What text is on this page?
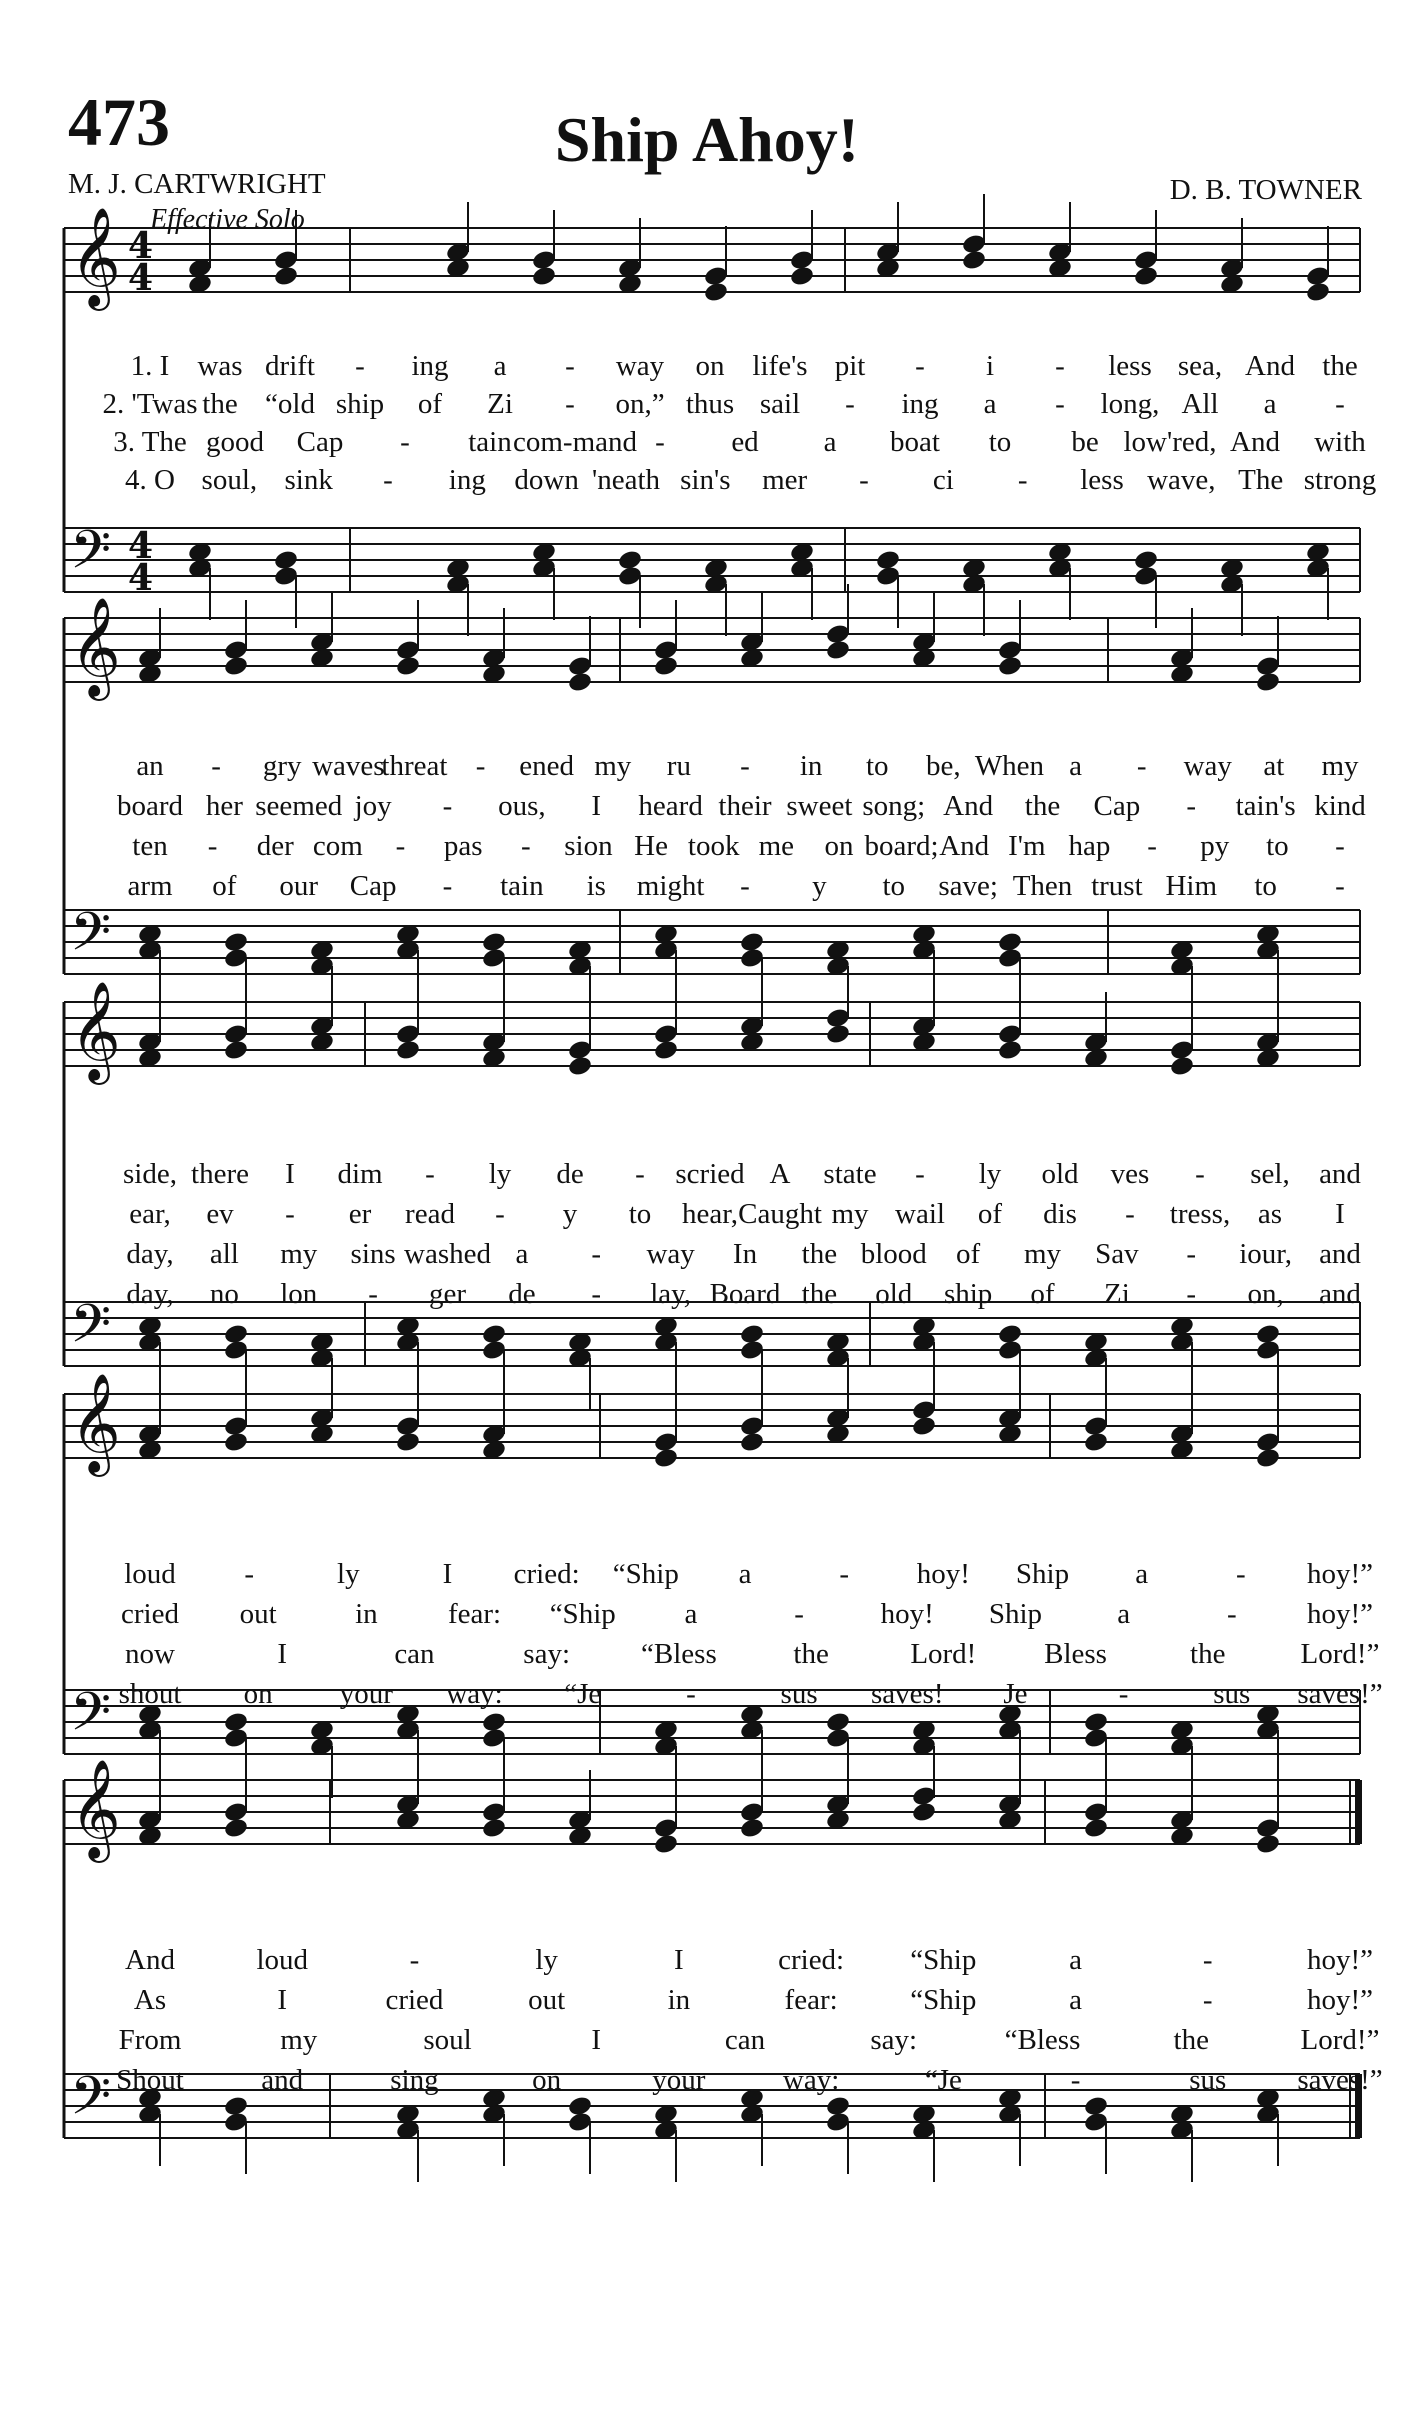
473	Ship Ahoy!
M. J. CARTWRIGHT	D. B. TOWNER
Effective Solo
𝄞
𝄢
4
4
4
4
𝄞
𝄢
𝄞
𝄢
𝄞
𝄢
𝄞
𝄢
1. I was drift - ing a - way on life's pit - i - less sea, And the
2. 'Twas the “old ship of Zi - on,” thus sail - ing a - long, All a -
3. The good Cap - tain com-mand - ed a boat to be low'red, And with
4. O soul, sink - ing down 'neath sin's mer - ci - less wave, The strong
an - gry waves
threat - ened my ru - in to be, When a - way at my
board her seemed joy - ous, I heard their sweet song; And the Cap - tain's kind
ten - der com - pas - sion He took me on board; And I'm hap - py to -
arm of our Cap - tain is might - y to save; Then trust Him to -
side, there I dim - ly de - scried A state - ly old ves - sel, and
ear, ev - er read - y to hear, Caught my wail of dis - tress, as I
day, all my sins washed a - way In the blood of my Sav - iour, and
day, no lon - ger de - lay, Board the old ship of Zi - on, and
loud -	ly	I cried: “Ship a	- hoy! Ship a	- hoy!”
cried out	in fear: “Ship a	-	hoy! Ship	a	- hoy!”
now	I	can	say: “Bless	the	Lord! Bless	the	Lord!”
shout on your way: “Je	-	sus saves! Je	-	sus saves!”
And	loud	-	ly	I	cried: “Ship	a	-	hoy!”
As	I	cried	out	in	fear:	“Ship	a	-	hoy!”
From	my	soul	I	can	say:	“Bless	the	Lord!”
Shout	and	sing	on	your	way:	“Je	-	sus saves!”
